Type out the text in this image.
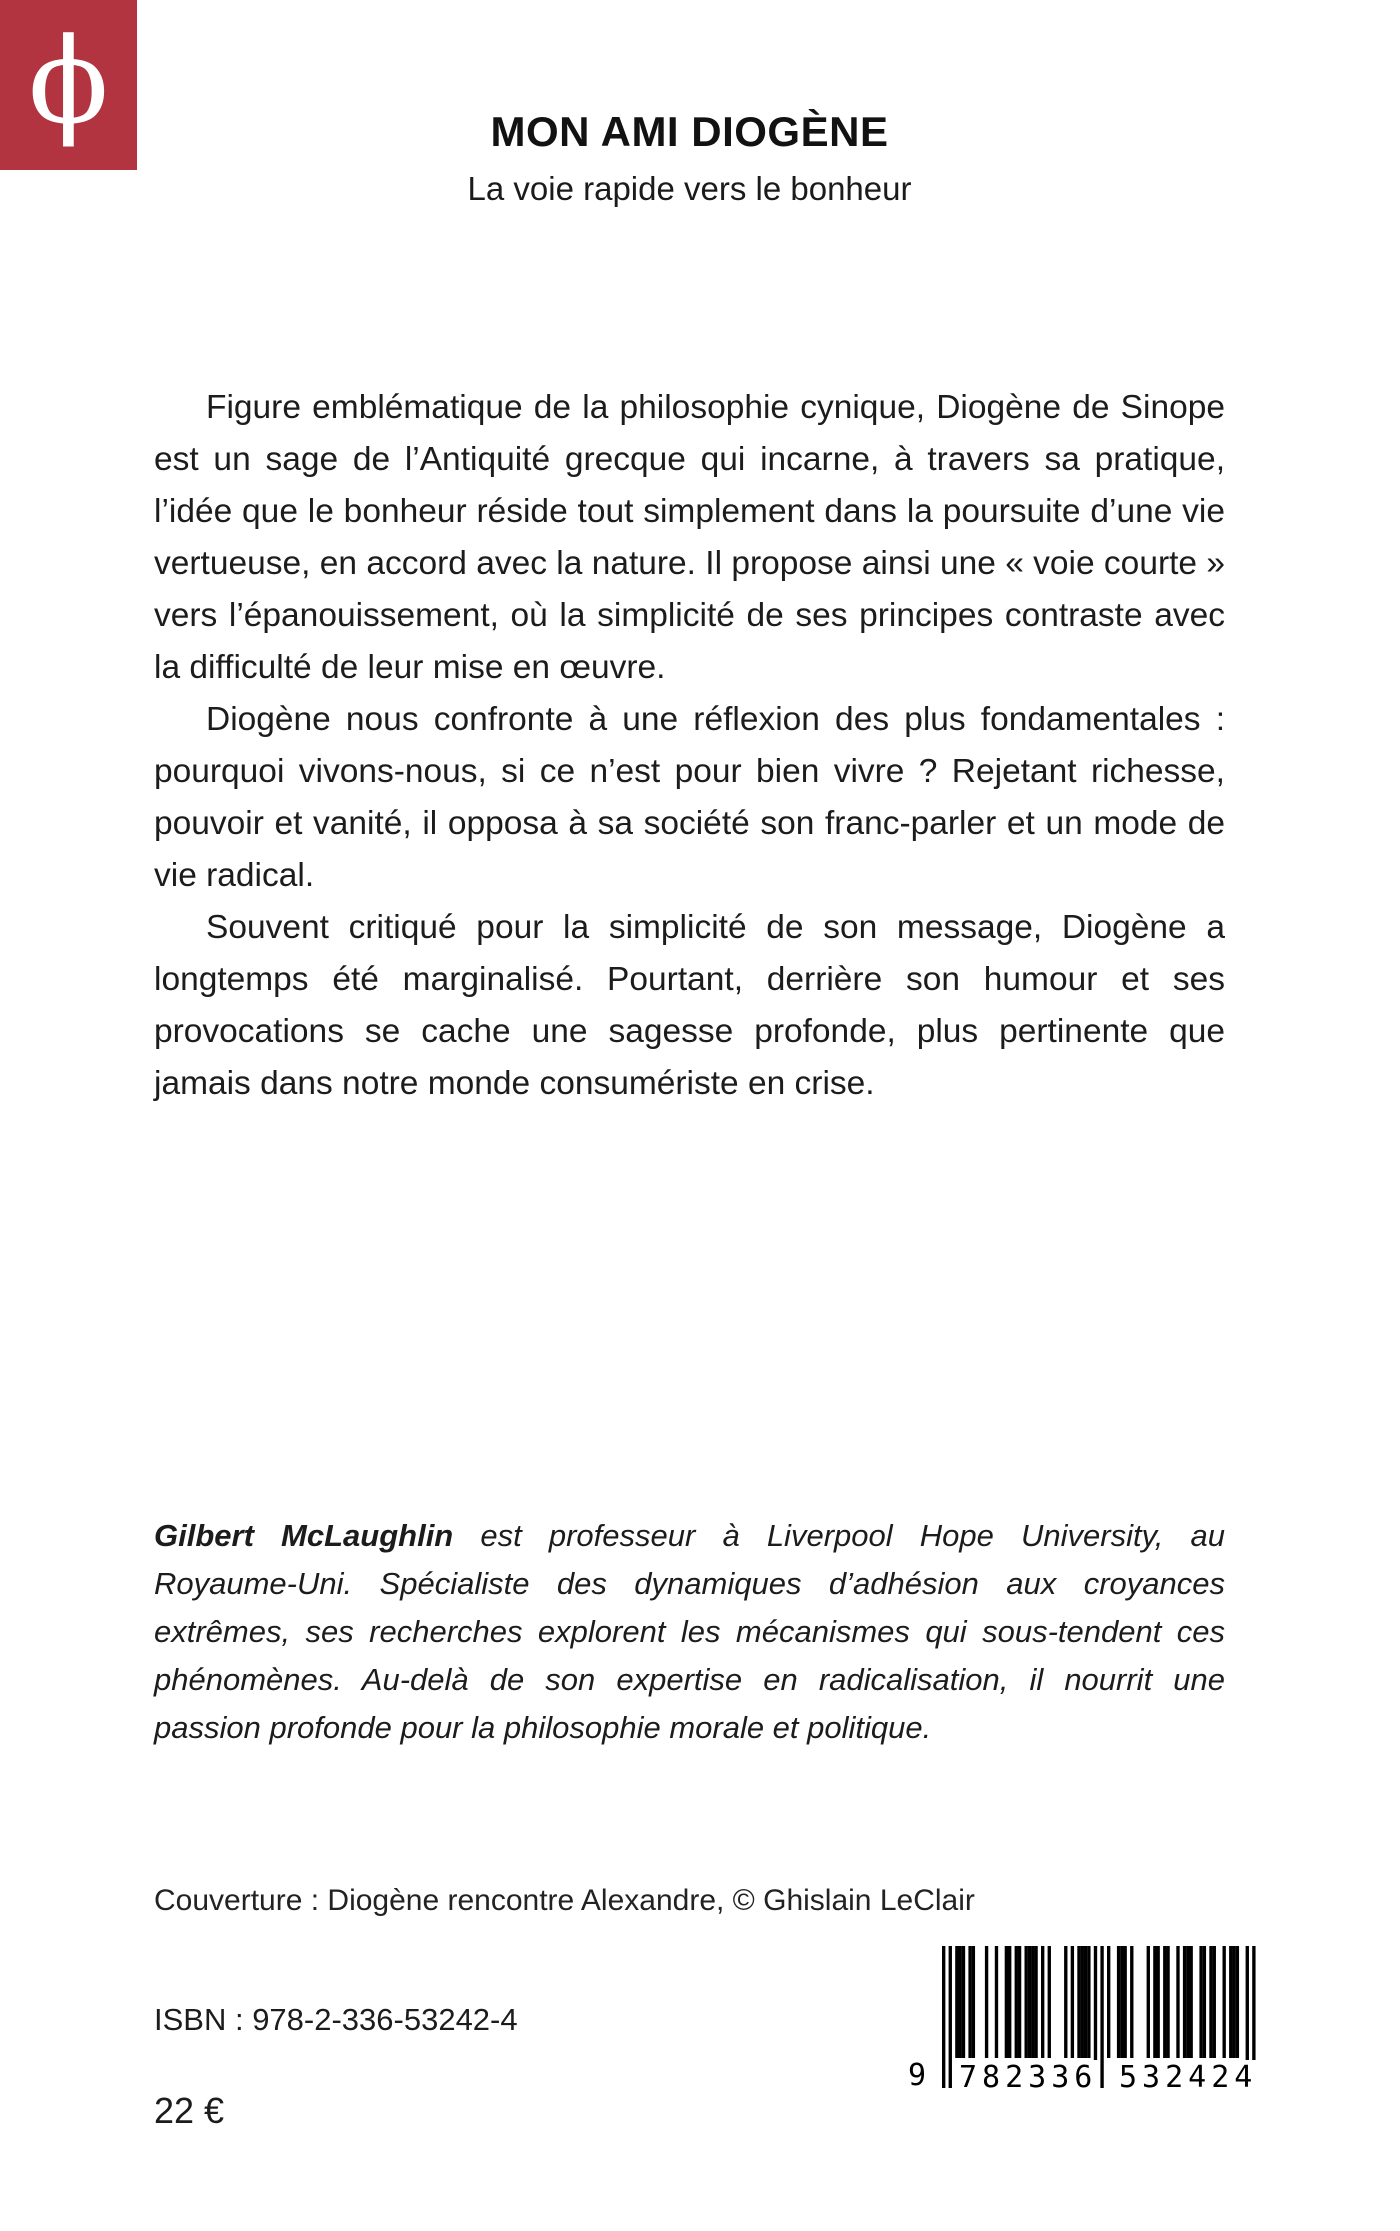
ϕ	MON AMI DIOGÈNE
La voie rapide vers le bonheur

Figure emblématique de la philosophie cynique, Diogène de Sinope est un sage de l’Antiquité grecque qui incarne, à travers sa pratique, l’idée que le bonheur réside tout simplement dans la poursuite d’une vie vertueuse, en accord avec la nature. Il propose ainsi une « voie courte » vers l’épanouissement, où la simplicité de ses principes contraste avec la difficulté de leur mise en œuvre.

Diogène nous confronte à une réflexion des plus fondamentales : pourquoi vivons-nous, si ce n’est pour bien vivre ? Rejetant richesse, pouvoir et vanité, il opposa à sa société son franc-parler et un mode de vie radical.

Souvent critiqué pour la simplicité de son message, Diogène a longtemps été marginalisé. Pourtant, derrière son humour et ses provocations se cache une sagesse profonde, plus pertinente que jamais dans notre monde consumériste en crise.

Gilbert McLaughlin est professeur à Liverpool Hope University, au Royaume-Uni. Spécialiste des dynamiques d’adhésion aux croyances extrêmes, ses recherches explorent les mécanismes qui sous-tendent ces phénomènes. Au-delà de son expertise en radicalisation, il nourrit une passion profonde pour la philosophie morale et politique.
Couverture : Diogène rencontre Alexandre, © Ghislain LeClair
ISBN : 978-2-336-53242-4
22 €
9 782336 532424
